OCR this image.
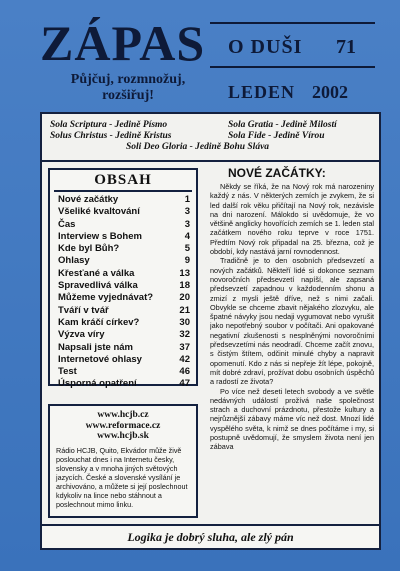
ZÁPAS
Půjčuj, rozmnožuj, rozšiřuj!
O DUŠI 71
LEDEN 2002
Sola Scriptura - Jedině Písmo	Sola Gratia - Jedině Milostí
Solus Christus - Jedině Kristus	Sola Fide - Jedině Vírou
Soli Deo Gloria - Jedině Bohu Sláva
OBSAH
Nové začátky	1
Všeliké kvaltování	3
Čas	3
Interview s Bohem	4
Kde byl Bůh?	5
Ohlasy	9
Křesťané a válka	13
Spravedlivá válka	18
Můžeme vyjednávat?	20
Tváří v tvář	21
Kam kráčí církev?	30
Výzva víry	32
Napsali jste nám	37
Internetové ohlasy	42
Test	46
Úsporná opatření	47
www.hcjb.cz
www.reformace.cz
www.hcjb.sk
Rádio HCJB, Quito, Ekvádor může živě poslouchat dnes i na Internetu česky, slovensky a v mnoha jiných světových jazycích. České a slovenské vysílání je archivováno, a můžete si její poslechnout kdykoliv na lince nebo stáhnout a poslechnout mimo linku.
NOVÉ ZAČÁTKY:

Někdy se říká, že na Nový rok má narozeniny každý z nás. V některých zemích je zvykem, že si led další rok věku přičítají na Nový rok, nezávisle na dni narození. Málokdo si uvědomuje, že vo většině anglicky hovořících zemích se 1. leden stal začátkem nového roku teprve v roce 1751. Předtím Nový rok připadal na 25. března, což je období, kdy nastává jarní rovnodennost.

Tradičně je to den osobních předsevzetí a nových začátků. Někteří lidé si dokonce seznam novoročních předsevzetí napíší, ale zapsaná předsevzetí zapadnou v každodenním shonu a zmizí z mysli ještě dříve, než s nimi začali. Obvykle se chceme zbavit nějakého zlozvyku, ale špatné návyky jsou nedaji vygumovat nebo vyrušit jako nepotřebný soubor v počítači. Ani opakované negativní zkušenosti s nesplněnými novoročními předsevzetími nás neodradí. Chceme začít znovu, s čistým štítem, odčinit minulé chyby a napravit opomenutí. Kdo z nás si nepřeje žít lépe, pokojně, mít dobré zdraví, prožívat dobu osobních úspěchů a radostí ze života?

Po více než deseti letech svobody a ve světle nedávných událostí prožívá naše společnost strach a duchovní prázdnotu, přestože kultury a nejrůznější zábavy máme víc než dost. Mnozí lidé vyspělého světa, k nimž se dnes počítáme i my, si postupně uvědomují, že smyslem života není jen zábava

Logika je dobrý sluha, ale zlý pán
